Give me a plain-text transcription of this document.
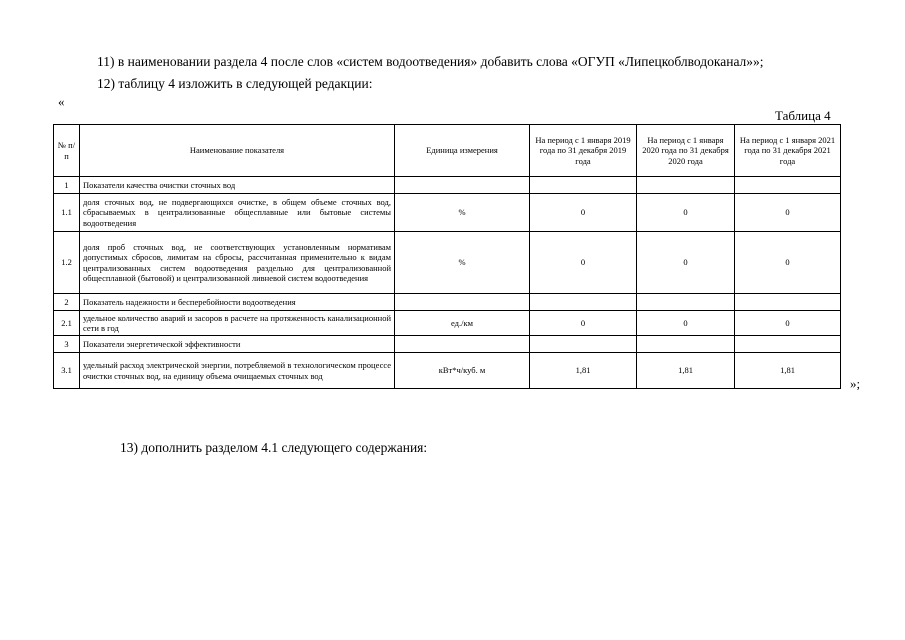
11) в наименовании раздела 4 после слов «систем водоотведения» добавить слова «ОГУП «Липецкоблводоканал»»;
12) таблицу 4 изложить в следующей редакции:
«
Таблица 4
№ п/п	Наименование показателя	Единица измерения	На период с 1 января 2019 года по 31 декабря 2019 года	На период с 1 января 2020 года по 31 декабря 2020 года	На период с 1 января 2021 года по 31 декабря 2021 года
1	Показатели качества очистки сточных вод				
1.1	доля сточных вод, не подвергающихся очистке, в общем объеме сточных вод, сбрасываемых в централизованные общесплавные или бытовые системы водоотведения	%	0	0	0
1.2	доля проб сточных вод, не соответствующих установленным нормативам допустимых сбросов, лимитам на сбросы, рассчитанная применительно к видам централизованных систем водоотведения раздельно для централизованной общесплавной (бытовой) и централизованной ливневой систем водоотведения	%	0	0	0
2	Показатель надежности и бесперебойности водоотведения				
2.1	удельное количество аварий и засоров в расчете на протяженность канализационной сети в год	ед./км	0	0	0
3	Показатели энергетической эффективности				
3.1	удельный расход электрической энергии, потребляемой в технологическом процессе очистки сточных вод, на единицу объема очищаемых сточных вод	кВт*ч/куб. м	1,81	1,81	1,81
»;
13) дополнить разделом 4.1 следующего содержания:
